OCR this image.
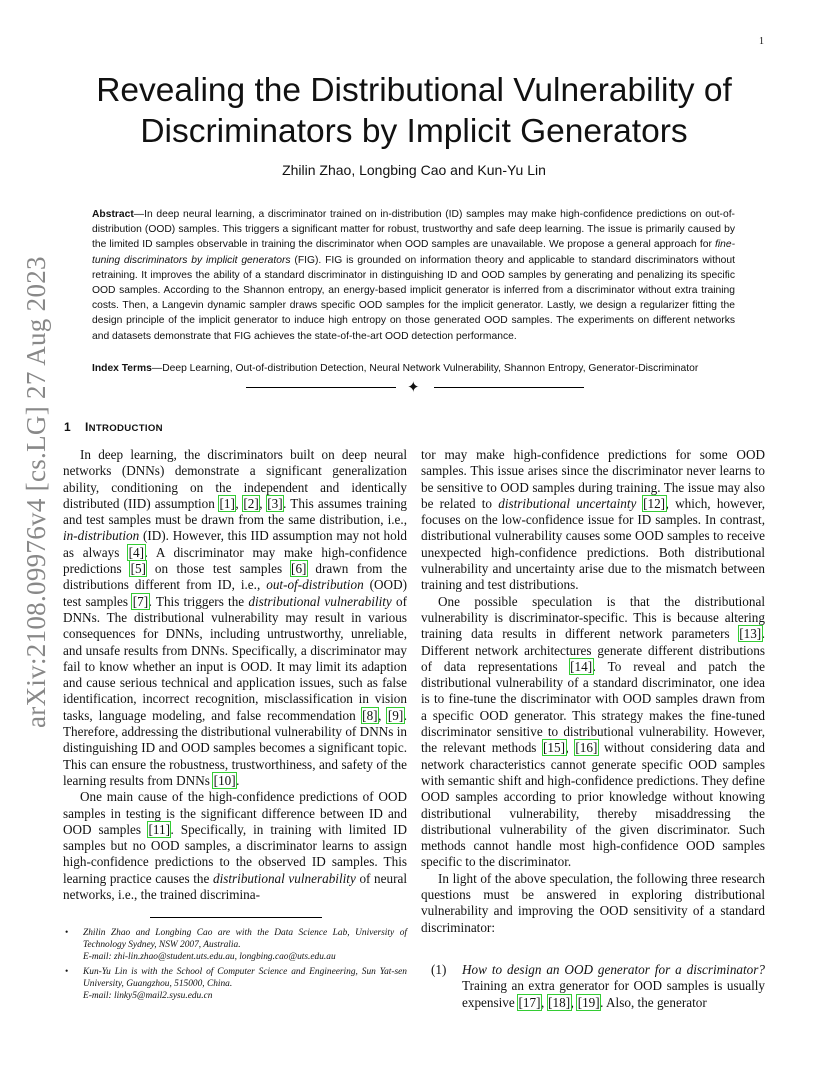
1
arXiv:2108.09976v4 [cs.LG] 27 Aug 2023
Revealing the Distributional Vulnerability of
Discriminators by Implicit Generators
Zhilin Zhao, Longbing Cao and Kun-Yu Lin
Abstract—In deep neural learning, a discriminator trained on in-distribution (ID) samples may make high-confidence predictions on out-of-distribution (OOD) samples. This triggers a significant matter for robust, trustworthy and safe deep learning. The issue is primarily caused by the limited ID samples observable in training the discriminator when OOD samples are unavailable. We propose a general approach for fine-tuning discriminators by implicit generators (FIG). FIG is grounded on information theory and applicable to standard discriminators without retraining. It improves the ability of a standard discriminator in distinguishing ID and OOD samples by generating and penalizing its specific OOD samples. According to the Shannon entropy, an energy-based implicit generator is inferred from a discriminator without extra training costs. Then, a Langevin dynamic sampler draws specific OOD samples for the implicit generator. Lastly, we design a regularizer fitting the design principle of the implicit generator to induce high entropy on those generated OOD samples. The experiments on different networks and datasets demonstrate that FIG achieves the state-of-the-art OOD detection performance.
Index Terms—Deep Learning, Out-of-distribution Detection, Neural Network Vulnerability, Shannon Entropy, Generator-Discriminator
✦
1 INTRODUCTION

In deep learning, the discriminators built on deep neural networks (DNNs) demonstrate a significant generalization ability, conditioning on the independent and identically distributed (IID) assumption [1], [2], [3]. This assumes training and test samples must be drawn from the same distribution, i.e., in-distribution (ID). However, this IID assumption may not hold as always [4]. A discriminator may make high-confidence predictions [5] on those test samples [6] drawn from the distributions different from ID, i.e., out-of-distribution (OOD) test samples [7]. This triggers the distributional vulnerability of DNNs. The distributional vulnerability may result in various consequences for DNNs, including untrustworthy, unreliable, and unsafe results from DNNs. Specifically, a discriminator may fail to know whether an input is OOD. It may limit its adaption and cause serious technical and application issues, such as false identification, incorrect recognition, misclassification in vision tasks, language modeling, and false recommendation [8], [9]. Therefore, addressing the distributional vulnerability of DNNs in distinguishing ID and OOD samples becomes a significant topic. This can ensure the robustness, trustworthiness, and safety of the learning results from DNNs [10].

One main cause of the high-confidence predictions of OOD samples in testing is the significant difference between ID and OOD samples [11]. Specifically, in training with limited ID samples but no OOD samples, a discriminator learns to assign high-confidence predictions to the observed ID samples. This learning practice causes the distributional vulnerability of neural networks, i.e., the trained discrimina-

tor may make high-confidence predictions for some OOD samples. This issue arises since the discriminator never learns to be sensitive to OOD samples during training. The issue may also be related to distributional uncertainty [12], which, however, focuses on the low-confidence issue for ID samples. In contrast, distributional vulnerability causes some OOD samples to receive unexpected high-confidence predictions. Both distributional vulnerability and uncertainty arise due to the mismatch between training and test distributions.

One possible speculation is that the distributional vulnerability is discriminator-specific. This is because altering training data results in different network parameters [13]. Different network architectures generate different distributions of data representations [14]. To reveal and patch the distributional vulnerability of a standard discriminator, one idea is to fine-tune the discriminator with OOD samples drawn from a specific OOD generator. This strategy makes the fine-tuned discriminator sensitive to distributional vulnerability. However, the relevant methods [15], [16] without considering data and network characteristics cannot generate specific OOD samples with semantic shift and high-confidence predictions. They define OOD samples according to prior knowledge without knowing distributional vulnerability, thereby misaddressing the distributional vulnerability of the given discriminator. Such methods cannot handle most high-confidence OOD samples specific to the discriminator.

In light of the above speculation, the following three research questions must be answered in exploring distributional vulnerability and improving the OOD sensitivity of a standard discriminator:

(1)	How to design an OOD generator for a discriminator? Training an extra generator for OOD samples is usually expensive [17], [18], [19]. Also, the generator
•	Zhilin Zhao and Longbing Cao are with the Data Science Lab, University of Technology Sydney, NSW 2007, Australia.
E-mail: zhi-lin.zhao@student.uts.edu.au, longbing.cao@uts.edu.au
•	Kun-Yu Lin is with the School of Computer Science and Engineering, Sun Yat-sen University, Guangzhou, 515000, China.
E-mail: linky5@mail2.sysu.edu.cn
